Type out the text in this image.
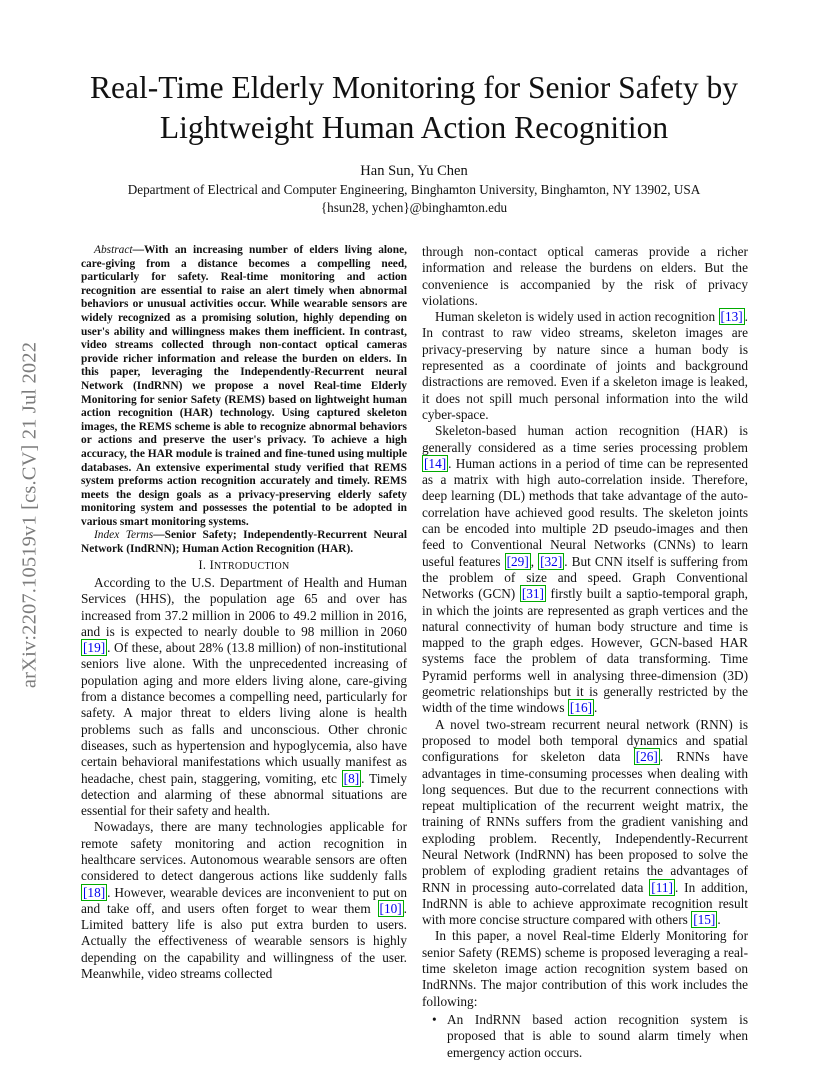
arXiv:2207.10519v1 [cs.CV] 21 Jul 2022
Real-Time Elderly Monitoring for Senior Safety by Lightweight Human Action Recognition
Han Sun, Yu Chen
Department of Electrical and Computer Engineering, Binghamton University, Binghamton, NY 13902, USA
{hsun28, ychen}@binghamton.edu

Abstract—With an increasing number of elders living alone, care-giving from a distance becomes a compelling need, particularly for safety. Real-time monitoring and action recognition are essential to raise an alert timely when abnormal behaviors or unusual activities occur. While wearable sensors are widely recognized as a promising solution, highly depending on user's ability and willingness makes them inefficient. In contrast, video streams collected through non-contact optical cameras provide richer information and release the burden on elders. In this paper, leveraging the Independently-Recurrent neural Network (IndRNN) we propose a novel Real-time Elderly Monitoring for senior Safety (REMS) based on lightweight human action recognition (HAR) technology. Using captured skeleton images, the REMS scheme is able to recognize abnormal behaviors or actions and preserve the user's privacy. To achieve a high accuracy, the HAR module is trained and fine-tuned using multiple databases. An extensive experimental study verified that REMS system preforms action recognition accurately and timely. REMS meets the design goals as a privacy-preserving elderly safety monitoring system and possesses the potential to be adopted in various smart monitoring systems.

Index Terms—Senior Safety; Independently-Recurrent Neural Network (IndRNN); Human Action Recognition (HAR).

I. INTRODUCTION

According to the U.S. Department of Health and Human Services (HHS), the population age 65 and over has increased from 37.2 million in 2006 to 49.2 million in 2016, and is is expected to nearly double to 98 million in 2060 [19] . Of these, about 28% (13.8 million) of non-institutional seniors live alone. With the unprecedented increasing of population aging and more elders living alone, care-giving from a distance becomes a compelling need, particularly for safety. A major threat to elders living alone is health problems such as falls and unconscious. Other chronic diseases, such as hypertension and hypoglycemia, also have certain behavioral manifestations which usually manifest as headache, chest pain, staggering, vomiting, etc [8] . Timely detection and alarming of these abnormal situations are essential for their safety and health.

Nowadays, there are many technologies applicable for remote safety monitoring and action recognition in healthcare services. Autonomous wearable sensors are often considered to detect dangerous actions like suddenly falls [18] . However, wearable devices are inconvenient to put on and take off, and users often forget to wear them [10] . Limited battery life is also put extra burden to users. Actually the effectiveness of wearable sensors is highly depending on the capability and willingness of the user. Meanwhile, video streams collected

through non-contact optical cameras provide a richer information and release the burdens on elders. But the convenience is accompanied by the risk of privacy violations.

Human skeleton is widely used in action recognition [13] . In contrast to raw video streams, skeleton images are privacy-preserving by nature since a human body is represented as a coordinate of joints and background distractions are removed. Even if a skeleton image is leaked, it does not spill much personal information into the wild cyber-space.

Skeleton-based human action recognition (HAR) is generally considered as a time series processing problem [14] . Human actions in a period of time can be represented as a matrix with high auto-correlation inside. Therefore, deep learning (DL) methods that take advantage of the auto-correlation have achieved good results. The skeleton joints can be encoded into multiple 2D pseudo-images and then feed to Conventional Neural Networks (CNNs) to learn useful features [29] , [32] . But CNN itself is suffering from the problem of size and speed. Graph Conventional Networks (GCN) [31] firstly built a saptio-temporal graph, in which the joints are represented as graph vertices and the natural connectivity of human body structure and time is mapped to the graph edges. However, GCN-based HAR systems face the problem of data transforming. Time Pyramid performs well in analysing three-dimension (3D) geometric relationships but it is generally restricted by the width of the time windows [16] .

A novel two-stream recurrent neural network (RNN) is proposed to model both temporal dynamics and spatial configurations for skeleton data [26] . RNNs have advantages in time-consuming processes when dealing with long sequences. But due to the recurrent connections with repeat multiplication of the recurrent weight matrix, the training of RNNs suffers from the gradient vanishing and exploding problem. Recently, Independently-Recurrent Neural Network (IndRNN) has been proposed to solve the problem of exploding gradient retains the advantages of RNN in processing auto-correlated data [11] . In addition, IndRNN is able to achieve approximate recognition result with more concise structure compared with others [15] .

In this paper, a novel Real-time Elderly Monitoring for senior Safety (REMS) scheme is proposed leveraging a real-time skeleton image action recognition system based on IndRNNs. The major contribution of this work includes the following:

• An IndRNN based action recognition system is proposed that is able to sound alarm timely when emergency action occurs.
